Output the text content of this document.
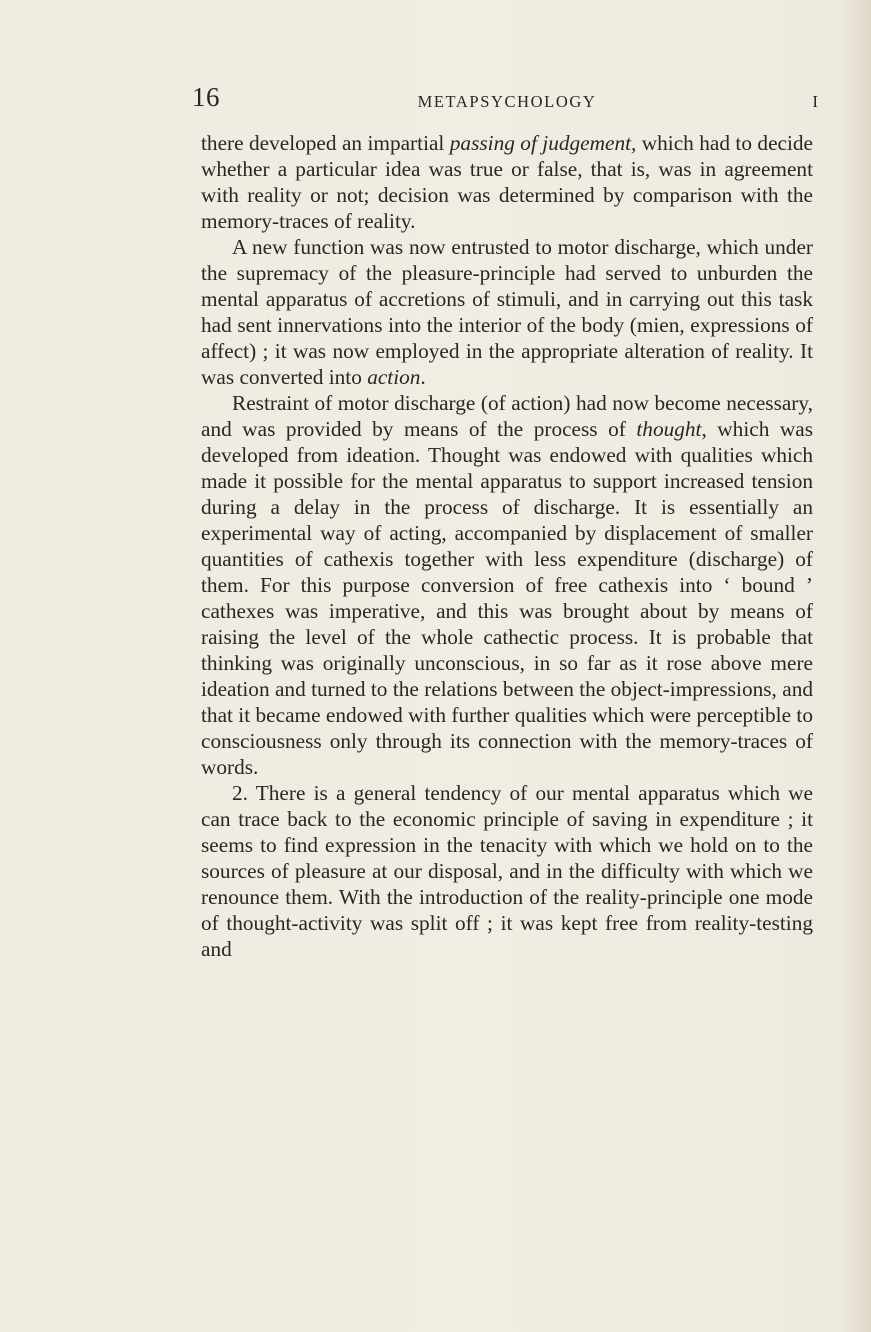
16	METAPSYCHOLOGY	I

there developed an impartial passing of judgement, which had to decide whether a particular idea was true or false, that is, was in agreement with reality or not; decision was determined by comparison with the memory-traces of reality.

A new function was now entrusted to motor discharge, which under the supremacy of the pleasure-principle had served to unburden the mental apparatus of accretions of stimuli, and in carrying out this task had sent innervations into the interior of the body (mien, expressions of affect) ; it was now employed in the appropriate alteration of reality. It was converted into action.

Restraint of motor discharge (of action) had now become necessary, and was provided by means of the process of thought, which was developed from ideation. Thought was endowed with qualities which made it possible for the mental apparatus to support increased tension during a delay in the process of discharge. It is essentially an experimental way of acting, accompanied by displacement of smaller quantities of cathexis together with less expenditure (discharge) of them. For this purpose conversion of free cathexis into ‘ bound ’ cathexes was imperative, and this was brought about by means of raising the level of the whole cathectic process. It is probable that thinking was originally unconscious, in so far as it rose above mere ideation and turned to the relations between the object-impressions, and that it became endowed with further qualities which were perceptible to consciousness only through its connection with the memory-traces of words.

2. There is a general tendency of our mental apparatus which we can trace back to the economic principle of saving in expenditure ; it seems to find expression in the tenacity with which we hold on to the sources of pleasure at our disposal, and in the difficulty with which we renounce them. With the introduction of the reality-principle one mode of thought-activity was split off ; it was kept free from reality-testing and
